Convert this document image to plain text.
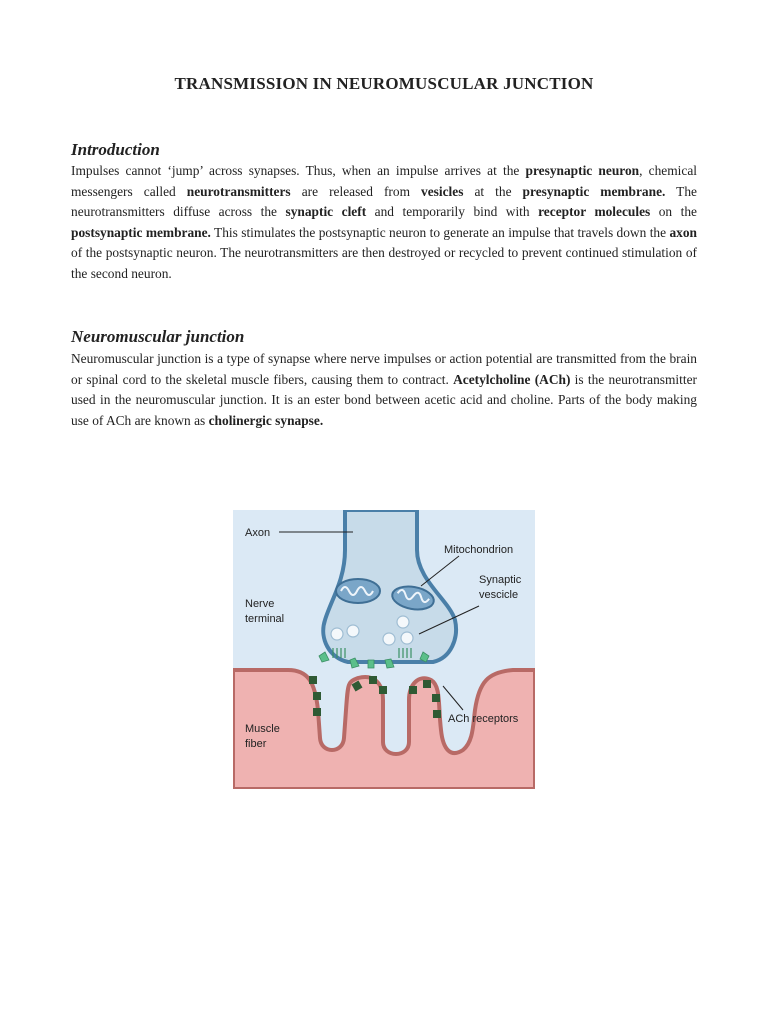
TRANSMISSION IN NEUROMUSCULAR JUNCTION
Introduction

Impulses cannot ‘jump’ across synapses. Thus, when an impulse arrives at the presynaptic neuron, chemical messengers called neurotransmitters are released from vesicles at the presynaptic membrane. The neurotransmitters diffuse across the synaptic cleft and temporarily bind with receptor molecules on the postsynaptic membrane. This stimulates the postsynaptic neuron to generate an impulse that travels down the axon of the postsynaptic neuron. The neurotransmitters are then destroyed or recycled to prevent continued stimulation of the second neuron.

Neuromuscular junction

Neuromuscular junction is a type of synapse where nerve impulses or action potential are transmitted from the brain or spinal cord to the skeletal muscle fibers, causing them to contract. Acetylcholine (ACh) is the neurotransmitter used in the neuromuscular junction. It is an ester bond between acetic acid and choline. Parts of the body making use of ACh are known as cholinergic synapse.

Axon
Mitochondrion
Synaptic
vescicle
Nerve
terminal
Muscle
fiber
ACh receptors
